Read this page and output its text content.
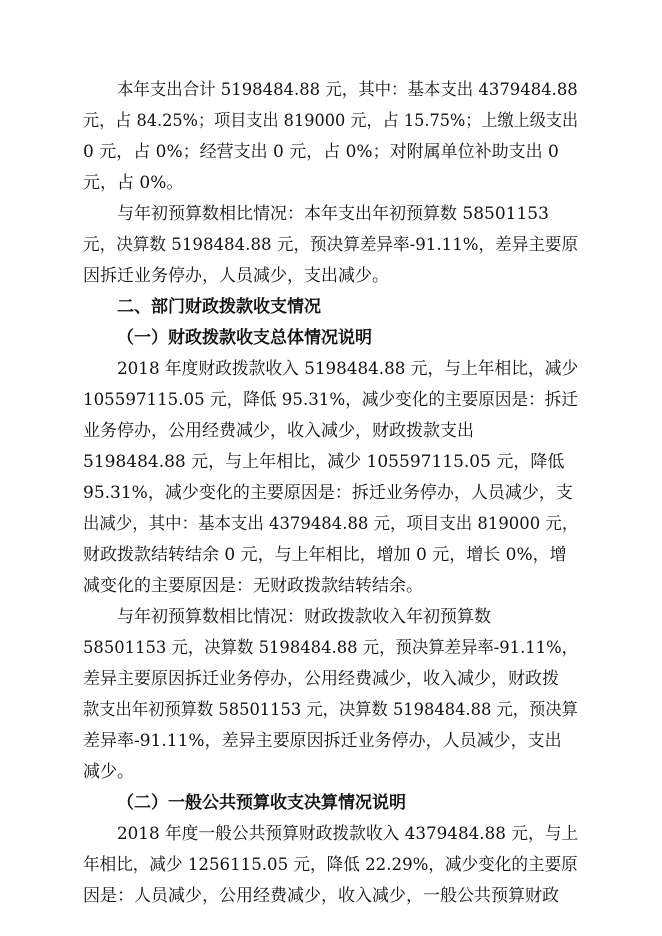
本年支出合计 5198484.88 元，其中：基本支出 4379484.88
元，占 84.25%；项目支出 819000 元，占 15.75%；上缴上级支出
0 元，占 0%；经营支出 0 元，占 0%；对附属单位补助支出 0
元，占 0%。
与年初预算数相比情况：本年支出年初预算数 58501153
元，决算数 5198484.88 元，预决算差异率-91.11%，差异主要原
因拆迁业务停办，人员减少，支出减少。
二、部门财政拨款收支情况
（一）财政拨款收支总体情况说明
2018 年度财政拨款收入 5198484.88 元，与上年相比，减少
105597115.05 元，降低 95.31%，减少变化的主要原因是：拆迁
业务停办，公用经费减少，收入减少，财政拨款支出
5198484.88 元，与上年相比，减少 105597115.05 元，降低
95.31%，减少变化的主要原因是：拆迁业务停办，人员减少，支
出减少，其中：基本支出 4379484.88 元，项目支出 819000 元，
财政拨款结转结余 0 元，与上年相比，增加 0 元，增长 0%，增
减变化的主要原因是：无财政拨款结转结余。
与年初预算数相比情况：财政拨款收入年初预算数
58501153 元，决算数 5198484.88 元，预决算差异率-91.11%，
差异主要原因拆迁业务停办，公用经费减少，收入减少，财政拨
款支出年初预算数 58501153 元，决算数 5198484.88 元，预决算
差异率-91.11%，差异主要原因拆迁业务停办，人员减少，支出
减少。
（二）一般公共预算收支决算情况说明
2018 年度一般公共预算财政拨款收入 4379484.88 元，与上
年相比，减少 1256115.05 元，降低 22.29%，减少变化的主要原
因是：人员减少，公用经费减少，收入减少，一般公共预算财政
